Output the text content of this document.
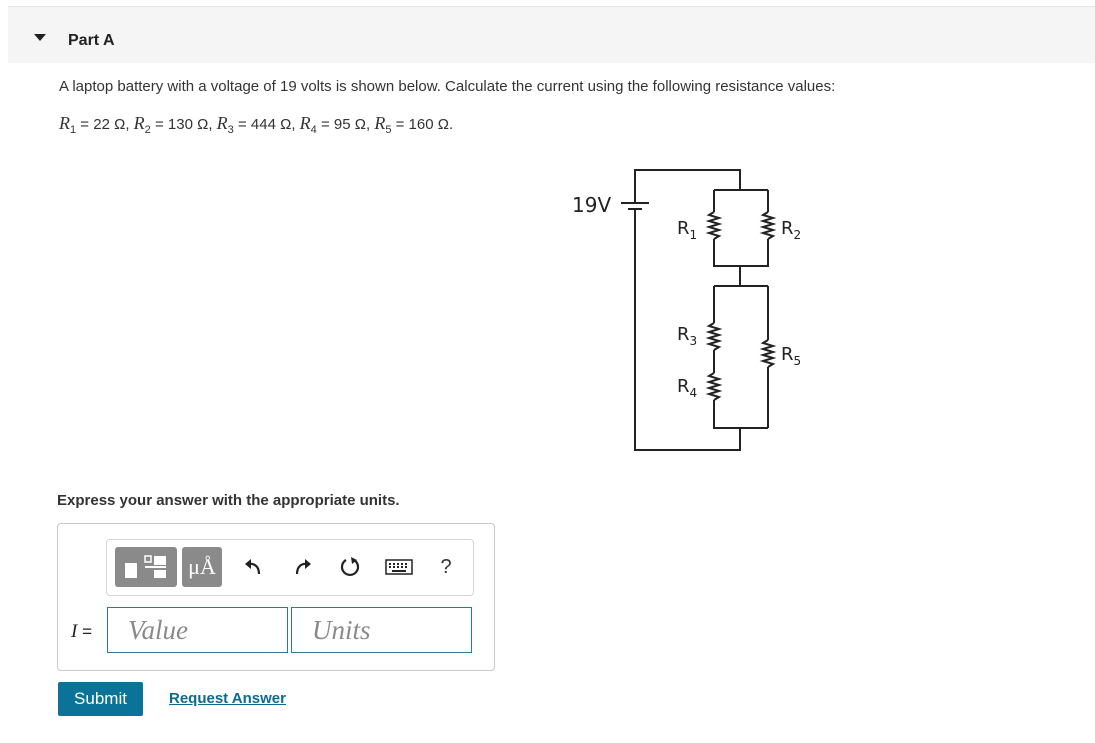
Part A
A laptop battery with a voltage of 19 volts is shown below. Calculate the current using the following resistance values:
$R_1 = 22$ Ω, $R_2 = 130$ Ω, $R_3 = 444$ Ω, $R_4 = 95$ Ω, $R_5 = 160$ Ω.
19V
$R_1$	$R_2$
$R_3$
$R_4$
$R_5$
Express your answer with the appropriate units.
μÅ	?
I =
Value
Units
Submit	Request Answer
